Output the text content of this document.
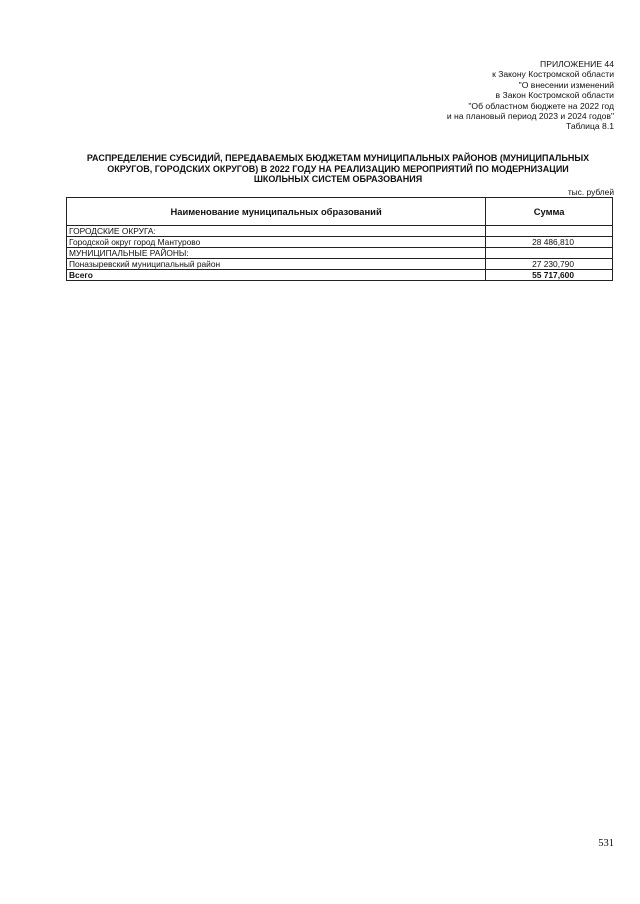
ПРИЛОЖЕНИЕ 44
к Закону Костромской области
"О внесении изменений
в Закон Костромской области
"Об областном бюджете на 2022 год
и на плановый период 2023 и 2024 годов"
Таблица 8.1
РАСПРЕДЕЛЕНИЕ СУБСИДИЙ, ПЕРЕДАВАЕМЫХ БЮДЖЕТАМ МУНИЦИПАЛЬНЫХ РАЙОНОВ (МУНИЦИПАЛЬНЫХ
ОКРУГОВ, ГОРОДСКИХ ОКРУГОВ) В 2022 ГОДУ НА РЕАЛИЗАЦИЮ МЕРОПРИЯТИЙ ПО МОДЕРНИЗАЦИИ
ШКОЛЬНЫХ СИСТЕМ ОБРАЗОВАНИЯ
тыс. рублей
Наименование муниципальных образований	Сумма
ГОРОДСКИЕ ОКРУГА:	
Городской округ город Мантурово	28 486,810
МУНИЦИПАЛЬНЫЕ РАЙОНЫ:	
Поназыревский муниципальный район	27 230,790
Всего	55 717,600
531
